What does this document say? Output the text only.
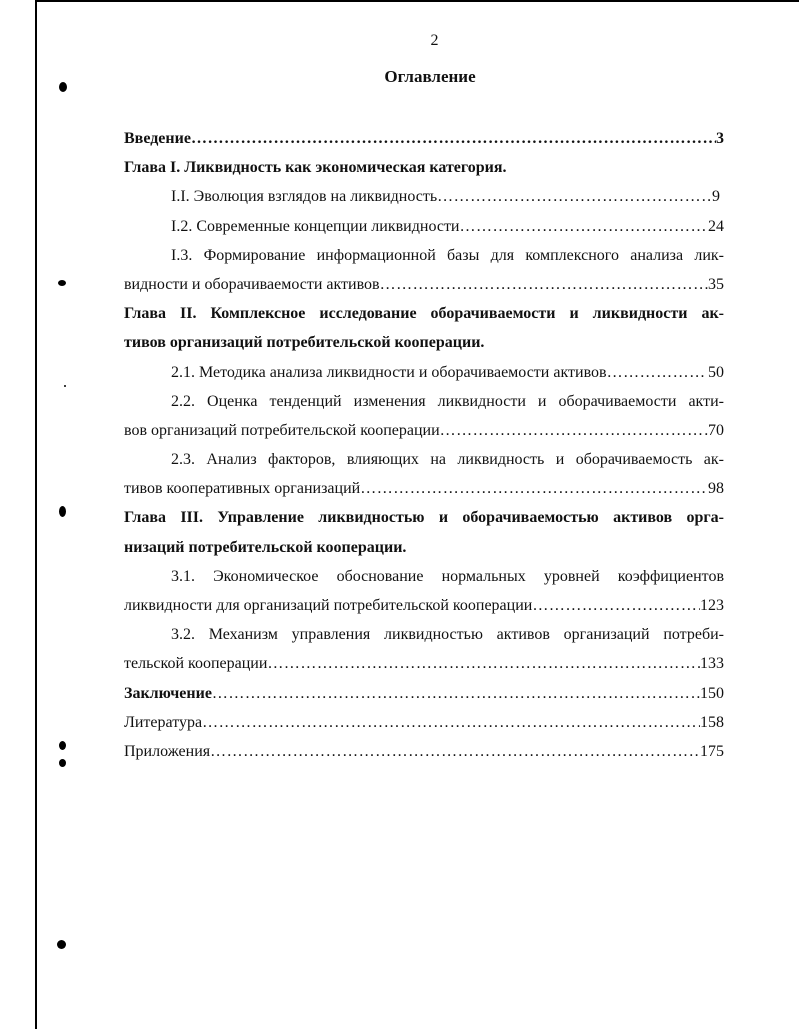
2
Оглавление
Введение ……………………………………………………………………………………………………………………………………………………	3
Глава I. Ликвидность как экономическая категория.
I.I. Эволюция взглядов на ликвидность ……………………………………………………………………………………………………………………………………………………	9
I.2. Современные концепции ликвидности ……………………………………………………………………………………………………………………………………………………	24
I.3. Формирование информационной базы для комплексного анализа лик-
видности и оборачиваемости активов ……………………………………………………………………………………………………………………………………………………	35
Глава II. Комплексное исследование оборачиваемости и ликвидности ак-
тивов организаций потребительской кооперации.
2.1. Методика анализа ликвидности и оборачиваемости активов ……………………………………………………………………………………………………………………………………………………	50
2.2. Оценка тенденций изменения ликвидности и оборачиваемости акти-
вов организаций потребительской кооперации ……………………………………………………………………………………………………………………………………………………	70
2.3. Анализ факторов, влияющих на ликвидность и оборачиваемость ак-
тивов кооперативных организаций ……………………………………………………………………………………………………………………………………………………	98
Глава III. Управление ликвидностью и оборачиваемостью активов орга-
низаций потребительской кооперации.
3.1. Экономическое обоснование нормальных уровней коэффициентов
ликвидности для организаций потребительской кооперации ……………………………………………………………………………………………………………………………………………………	123
3.2. Механизм управления ликвидностью активов организаций потреби-
тельской кооперации ……………………………………………………………………………………………………………………………………………………	133
Заключение ……………………………………………………………………………………………………………………………………………………	150
Литература ……………………………………………………………………………………………………………………………………………………	158
Приложения ……………………………………………………………………………………………………………………………………………………	175
